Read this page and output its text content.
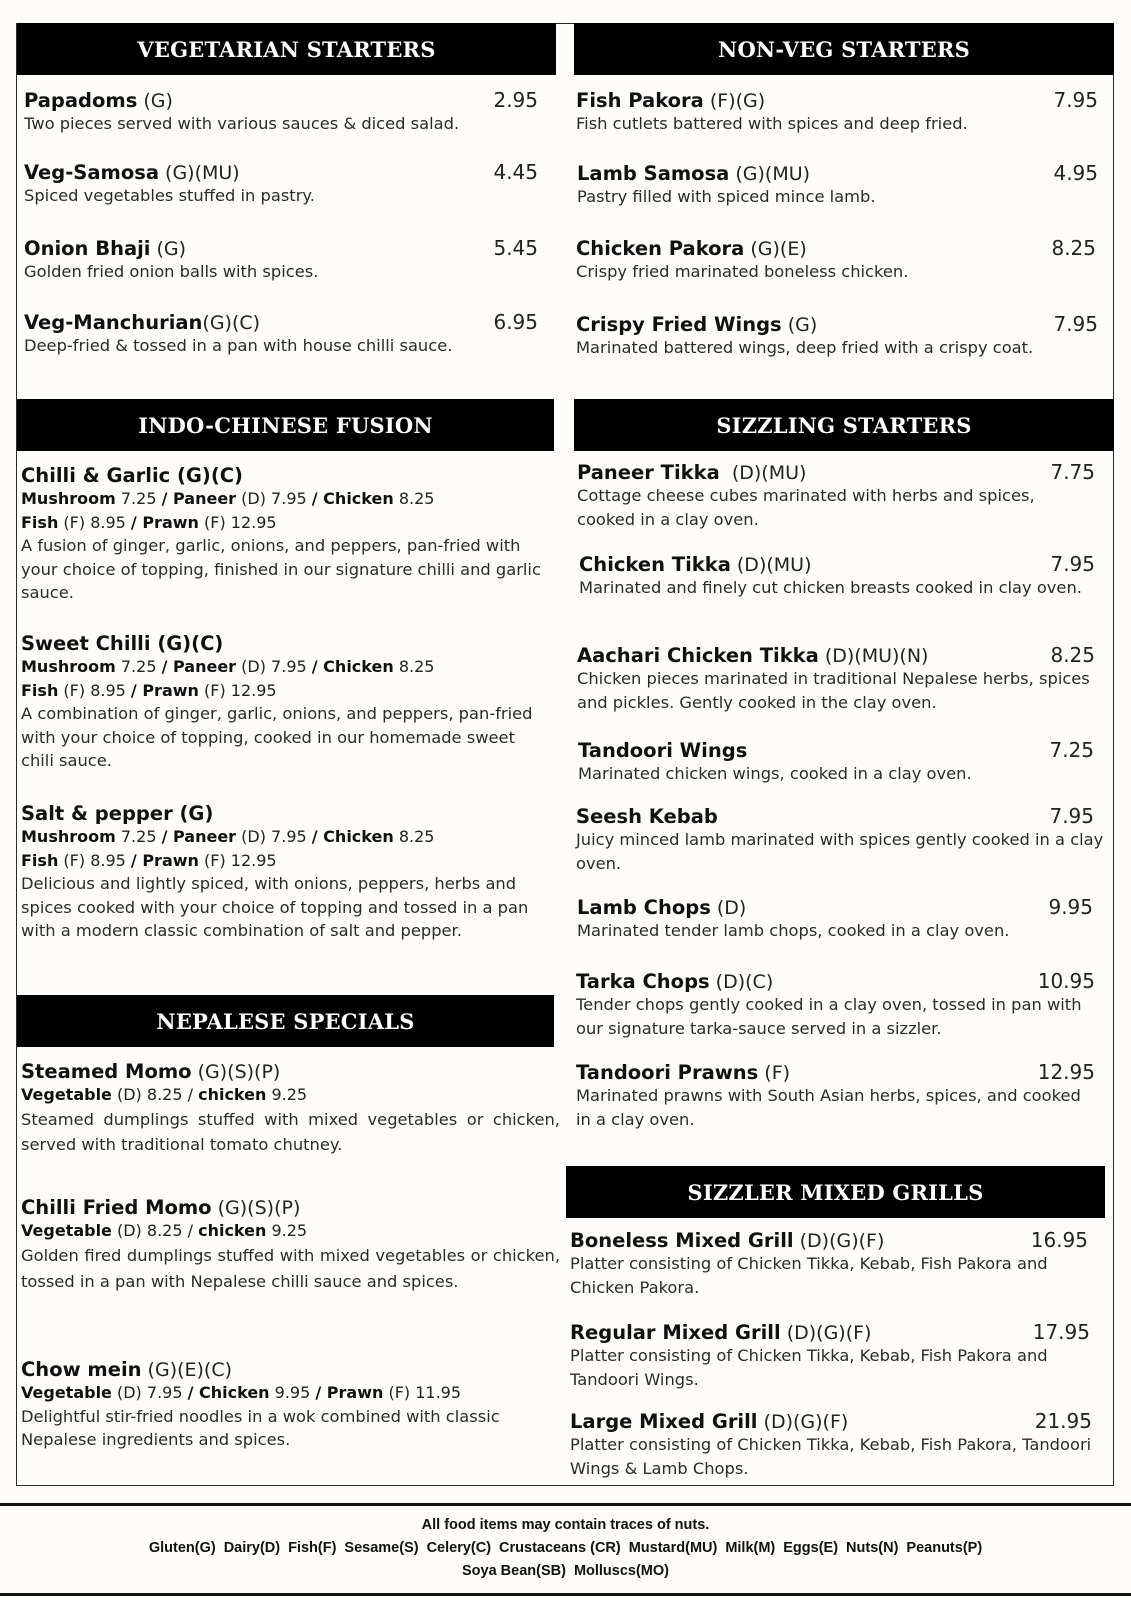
VEGETARIAN STARTERS
Papadoms (G)	2.95
Two pieces served with various sauces & diced salad.
Veg-Samosa (G)(MU)	4.45
Spiced vegetables stuffed in pastry.
Onion Bhaji (G)	5.45
Golden fried onion balls with spices.
Veg-Manchurian(G)(C)	6.95
Deep-fried & tossed in a pan with house chilli sauce.
NON-VEG STARTERS
Fish Pakora (F)(G)	7.95
Fish cutlets battered with spices and deep fried.
Lamb Samosa (G)(MU)	4.95
Pastry filled with spiced mince lamb.
Chicken Pakora (G)(E)	8.25
Crispy fried marinated boneless chicken.
Crispy Fried Wings (G)	7.95
Marinated battered wings, deep fried with a crispy coat.
INDO-CHINESE FUSION
Chilli & Garlic (G)(C)
Mushroom 7.25 / Paneer (D) 7.95 / Chicken 8.25
Fish (F) 8.95 / Prawn (F) 12.95
A fusion of ginger, garlic, onions, and peppers, pan-fried with your choice of topping, finished in our signature chilli and garlic sauce.
Sweet Chilli (G)(C)
Mushroom 7.25 / Paneer (D) 7.95 / Chicken 8.25
Fish (F) 8.95 / Prawn (F) 12.95
A combination of ginger, garlic, onions, and peppers, pan-fried with your choice of topping, cooked in our homemade sweet chili sauce.
Salt & pepper (G)
Mushroom 7.25 / Paneer (D) 7.95 / Chicken 8.25
Fish (F) 8.95 / Prawn (F) 12.95
Delicious and lightly spiced, with onions, peppers, herbs and spices cooked with your choice of topping and tossed in a pan with a modern classic combination of salt and pepper.
NEPALESE SPECIALS
Steamed Momo (G)(S)(P)
Vegetable (D) 8.25 / chicken 9.25
Steamed dumplings stuffed with mixed vegetables or chicken, served with traditional tomato chutney.
Chilli Fried Momo (G)(S)(P)
Vegetable (D) 8.25 / chicken 9.25
Golden fired dumplings stuffed with mixed vegetables or chicken, tossed in a pan with Nepalese chilli sauce and spices.
Chow mein (G)(E)(C)
Vegetable (D) 7.95 / Chicken 9.95 / Prawn (F) 11.95
Delightful stir-fried noodles in a wok combined with classic Nepalese ingredients and spices.
SIZZLING STARTERS
Paneer Tikka  (D)(MU)	7.75
Cottage cheese cubes marinated with herbs and spices, cooked in a clay oven.
Chicken Tikka (D)(MU)	7.95
Marinated and finely cut chicken breasts cooked in clay oven.
Aachari Chicken Tikka (D)(MU)(N)	8.25
Chicken pieces marinated in traditional Nepalese herbs, spices and pickles. Gently cooked in the clay oven.
Tandoori Wings	7.25
Marinated chicken wings, cooked in a clay oven.
Seesh Kebab	7.95
Juicy minced lamb marinated with spices gently cooked in a clay oven.
Lamb Chops (D)	9.95
Marinated tender lamb chops, cooked in a clay oven.
Tarka Chops (D)(C)	10.95
Tender chops gently cooked in a clay oven, tossed in pan with our signature tarka-sauce served in a sizzler.
Tandoori Prawns (F)	12.95
Marinated prawns with South Asian herbs, spices, and cooked in a clay oven.
SIZZLER MIXED GRILLS
Boneless Mixed Grill (D)(G)(F)	16.95
Platter consisting of Chicken Tikka, Kebab, Fish Pakora and Chicken Pakora.
Regular Mixed Grill (D)(G)(F)	17.95
Platter consisting of Chicken Tikka, Kebab, Fish Pakora and Tandoori Wings.
Large Mixed Grill (D)(G)(F)	21.95
Platter consisting of Chicken Tikka, Kebab, Fish Pakora, Tandoori Wings & Lamb Chops.
All food items may contain traces of nuts.
Gluten(G) Dairy(D) Fish(F) Sesame(S) Celery(C) Crustaceans (CR) Mustard(MU) Milk(M) Eggs(E) Nuts(N) Peanuts(P)
Soya Bean(SB) Molluscs(MO)
